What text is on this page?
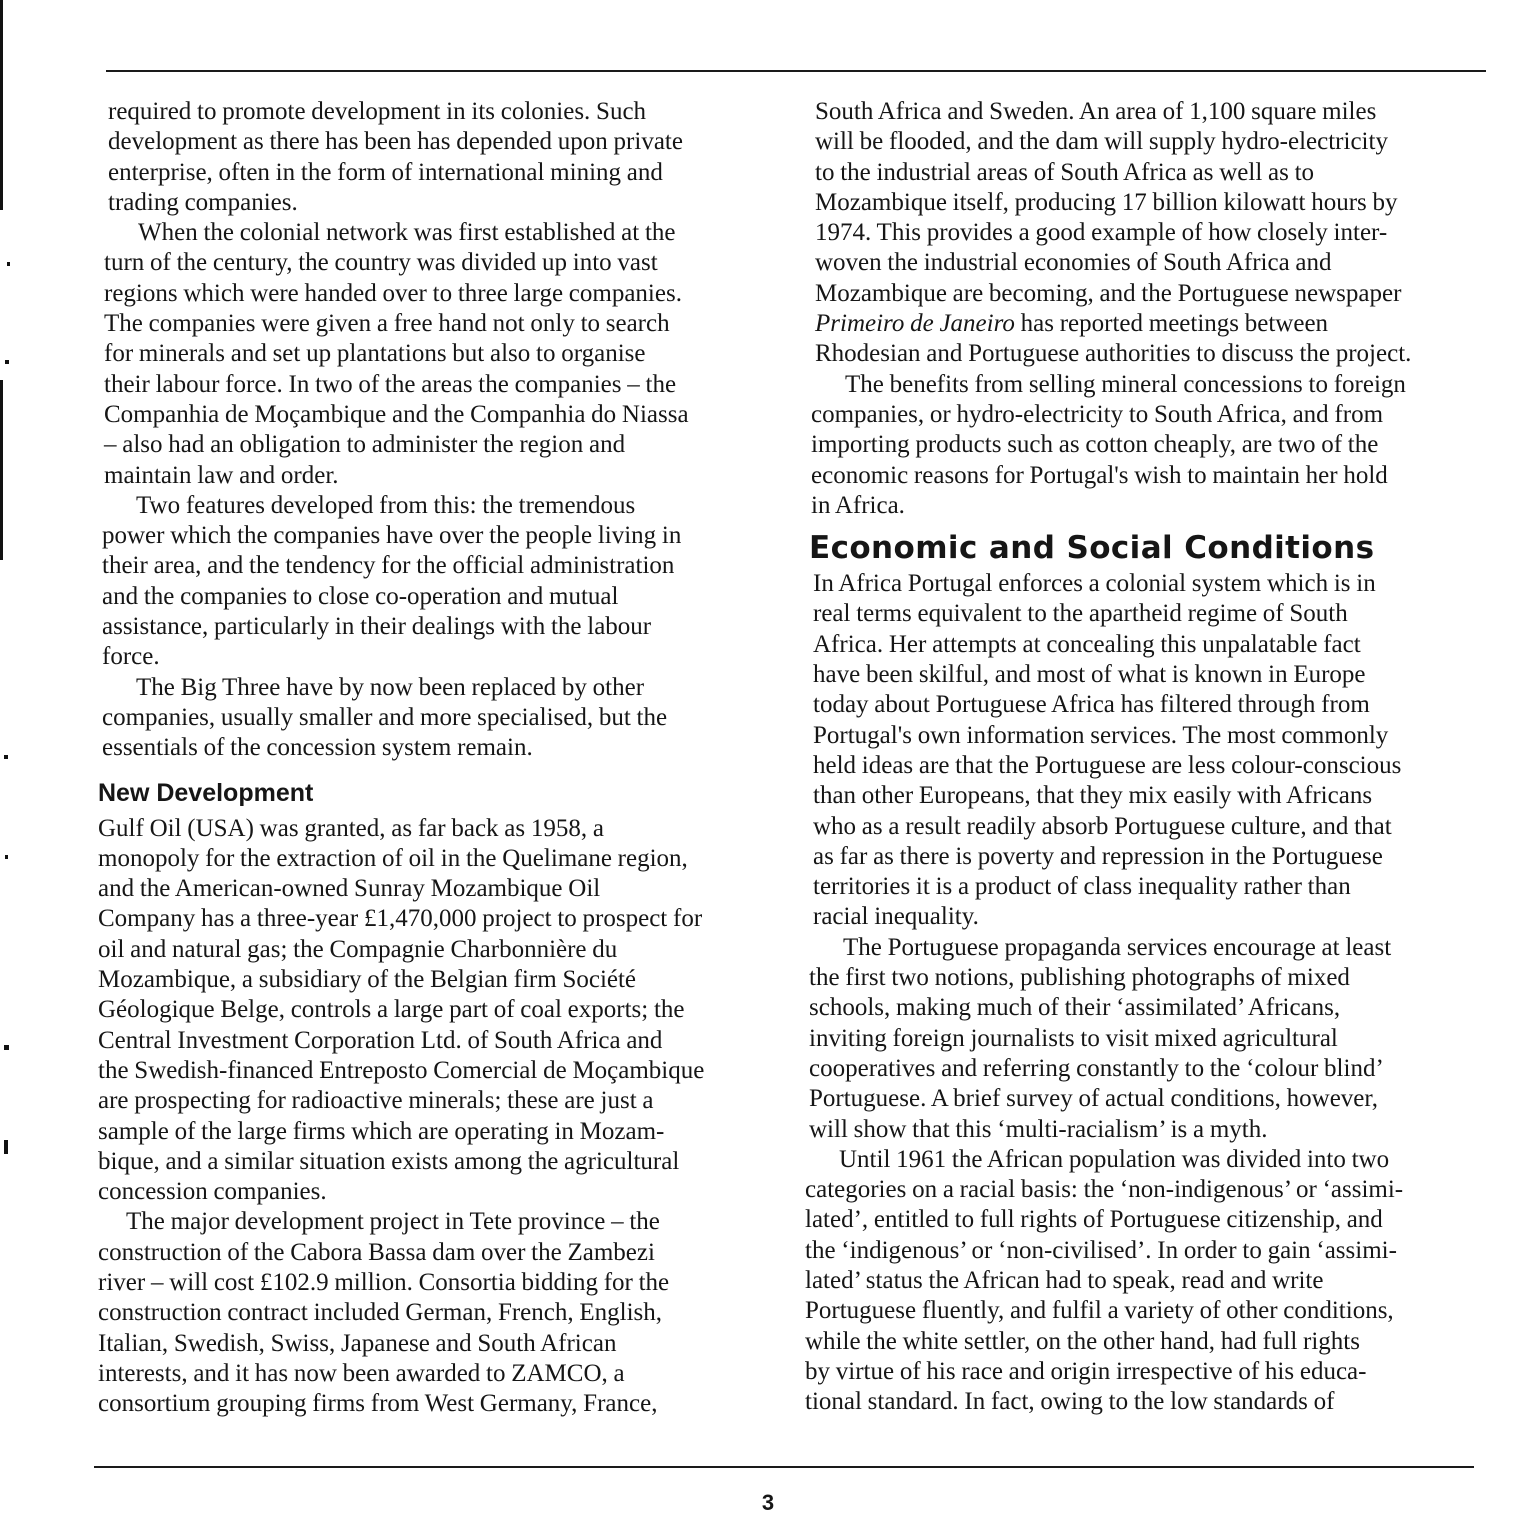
required to promote development in its colonies. Such
development as there has been has depended upon private
enterprise, often in the form of international mining and
trading companies.
When the colonial network was first established at the
turn of the century, the country was divided up into vast
regions which were handed over to three large companies.
The companies were given a free hand not only to search
for minerals and set up plantations but also to organise
their labour force. In two of the areas the companies – the
Companhia de Moçambique and the Companhia do Niassa
– also had an obligation to administer the region and
maintain law and order.
Two features developed from this: the tremendous
power which the companies have over the people living in
their area, and the tendency for the official administration
and the companies to close co-operation and mutual
assistance, particularly in their dealings with the labour
force.
The Big Three have by now been replaced by other
companies, usually smaller and more specialised, but the
essentials of the concession system remain.
New Development
Gulf Oil (USA) was granted, as far back as 1958, a
monopoly for the extraction of oil in the Quelimane region,
and the American-owned Sunray Mozambique Oil
Company has a three-year £1,470,000 project to prospect for
oil and natural gas; the Compagnie Charbonnière du
Mozambique, a subsidiary of the Belgian firm Société
Géologique Belge, controls a large part of coal exports; the
Central Investment Corporation Ltd. of South Africa and
the Swedish-financed Entreposto Comercial de Moçambique
are prospecting for radioactive minerals; these are just a
sample of the large firms which are operating in Mozam-
bique, and a similar situation exists among the agricultural
concession companies.
The major development project in Tete province – the
construction of the Cabora Bassa dam over the Zambezi
river – will cost £102.9 million. Consortia bidding for the
construction contract included German, French, English,
Italian, Swedish, Swiss, Japanese and South African
interests, and it has now been awarded to ZAMCO, a
consortium grouping firms from West Germany, France,
South Africa and Sweden. An area of 1,100 square miles
will be flooded, and the dam will supply hydro-electricity
to the industrial areas of South Africa as well as to
Mozambique itself, producing 17 billion kilowatt hours by
1974. This provides a good example of how closely inter-
woven the industrial economies of South Africa and
Mozambique are becoming, and the Portuguese newspaper
Primeiro de Janeiro has reported meetings between
Rhodesian and Portuguese authorities to discuss the project.
The benefits from selling mineral concessions to foreign
companies, or hydro-electricity to South Africa, and from
importing products such as cotton cheaply, are two of the
economic reasons for Portugal's wish to maintain her hold
in Africa.
Economic and Social Conditions
In Africa Portugal enforces a colonial system which is in
real terms equivalent to the apartheid regime of South
Africa. Her attempts at concealing this unpalatable fact
have been skilful, and most of what is known in Europe
today about Portuguese Africa has filtered through from
Portugal's own information services. The most commonly
held ideas are that the Portuguese are less colour-conscious
than other Europeans, that they mix easily with Africans
who as a result readily absorb Portuguese culture, and that
as far as there is poverty and repression in the Portuguese
territories it is a product of class inequality rather than
racial inequality.
The Portuguese propaganda services encourage at least
the first two notions, publishing photographs of mixed
schools, making much of their ‘assimilated’ Africans,
inviting foreign journalists to visit mixed agricultural
cooperatives and referring constantly to the ‘colour blind’
Portuguese. A brief survey of actual conditions, however,
will show that this ‘multi-racialism’ is a myth.
Until 1961 the African population was divided into two
categories on a racial basis: the ‘non-indigenous’ or ‘assimi-
lated’, entitled to full rights of Portuguese citizenship, and
the ‘indigenous’ or ‘non-civilised’. In order to gain ‘assimi-
lated’ status the African had to speak, read and write
Portuguese fluently, and fulfil a variety of other conditions,
while the white settler, on the other hand, had full rights
by virtue of his race and origin irrespective of his educa-
tional standard. In fact, owing to the low standards of
3
